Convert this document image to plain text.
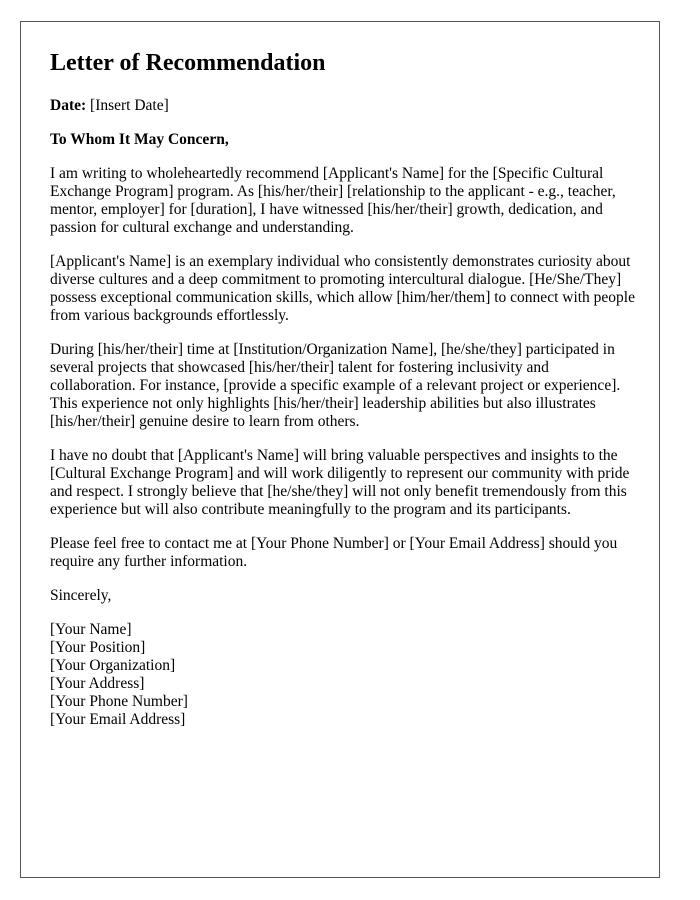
Letter of Recommendation

Date: [Insert Date]

To Whom It May Concern,

I am writing to wholeheartedly recommend [Applicant's Name] for the [Specific Cultural Exchange Program] program. As [his/her/their] [relationship to the applicant - e.g., teacher, mentor, employer] for [duration], I have witnessed [his/her/their] growth, dedication, and passion for cultural exchange and understanding.

[Applicant's Name] is an exemplary individual who consistently demonstrates curiosity about diverse cultures and a deep commitment to promoting intercultural dialogue. [He/She/They] possess exceptional communication skills, which allow [him/her/them] to connect with people from various backgrounds effortlessly.

During [his/her/their] time at [Institution/Organization Name], [he/she/they] participated in several projects that showcased [his/her/their] talent for fostering inclusivity and collaboration. For instance, [provide a specific example of a relevant project or experience]. This experience not only highlights [his/her/their] leadership abilities but also illustrates [his/her/their] genuine desire to learn from others.

I have no doubt that [Applicant's Name] will bring valuable perspectives and insights to the [Cultural Exchange Program] and will work diligently to represent our community with pride and respect. I strongly believe that [he/she/they] will not only benefit tremendously from this experience but will also contribute meaningfully to the program and its participants.

Please feel free to contact me at [Your Phone Number] or [Your Email Address] should you require any further information.

Sincerely,

[Your Name]

[Your Position]

[Your Organization]

[Your Address]

[Your Phone Number]

[Your Email Address]
